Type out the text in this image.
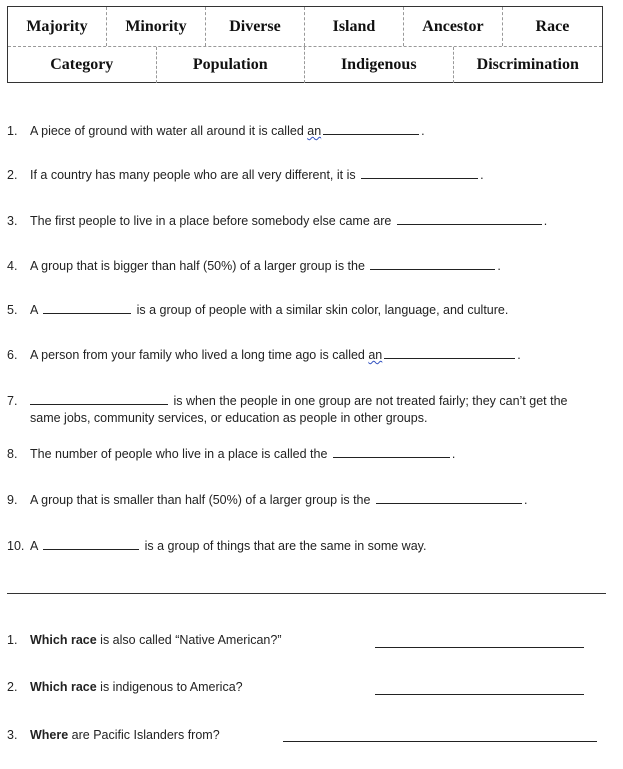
Majority	Minority	Diverse	Island	Ancestor	Race
Category	Population	Indigenous	Discrimination
1. A piece of ground with water all around it is called an	.
2. If a country has many people who are all very different, it is	.
3. The first people to live in a place before somebody else came are	.
4. A group that is bigger than half (50%) of a larger group is the	.
5. A	is a group of people with a similar skin color, language, and culture.
6. A person from your family who lived a long time ago is called an	.
7.	is when the people in one group are not treated fairly; they can’t get the
same jobs, community services, or education as people in other groups.
8. The number of people who live in a place is called the	.
9. A group that is smaller than half (50%) of a larger group is the	.
10. A	is a group of things that are the same in some way.
1. Which race is also called “Native American?”
2. Which race is indigenous to America?
3. Where are Pacific Islanders from?
